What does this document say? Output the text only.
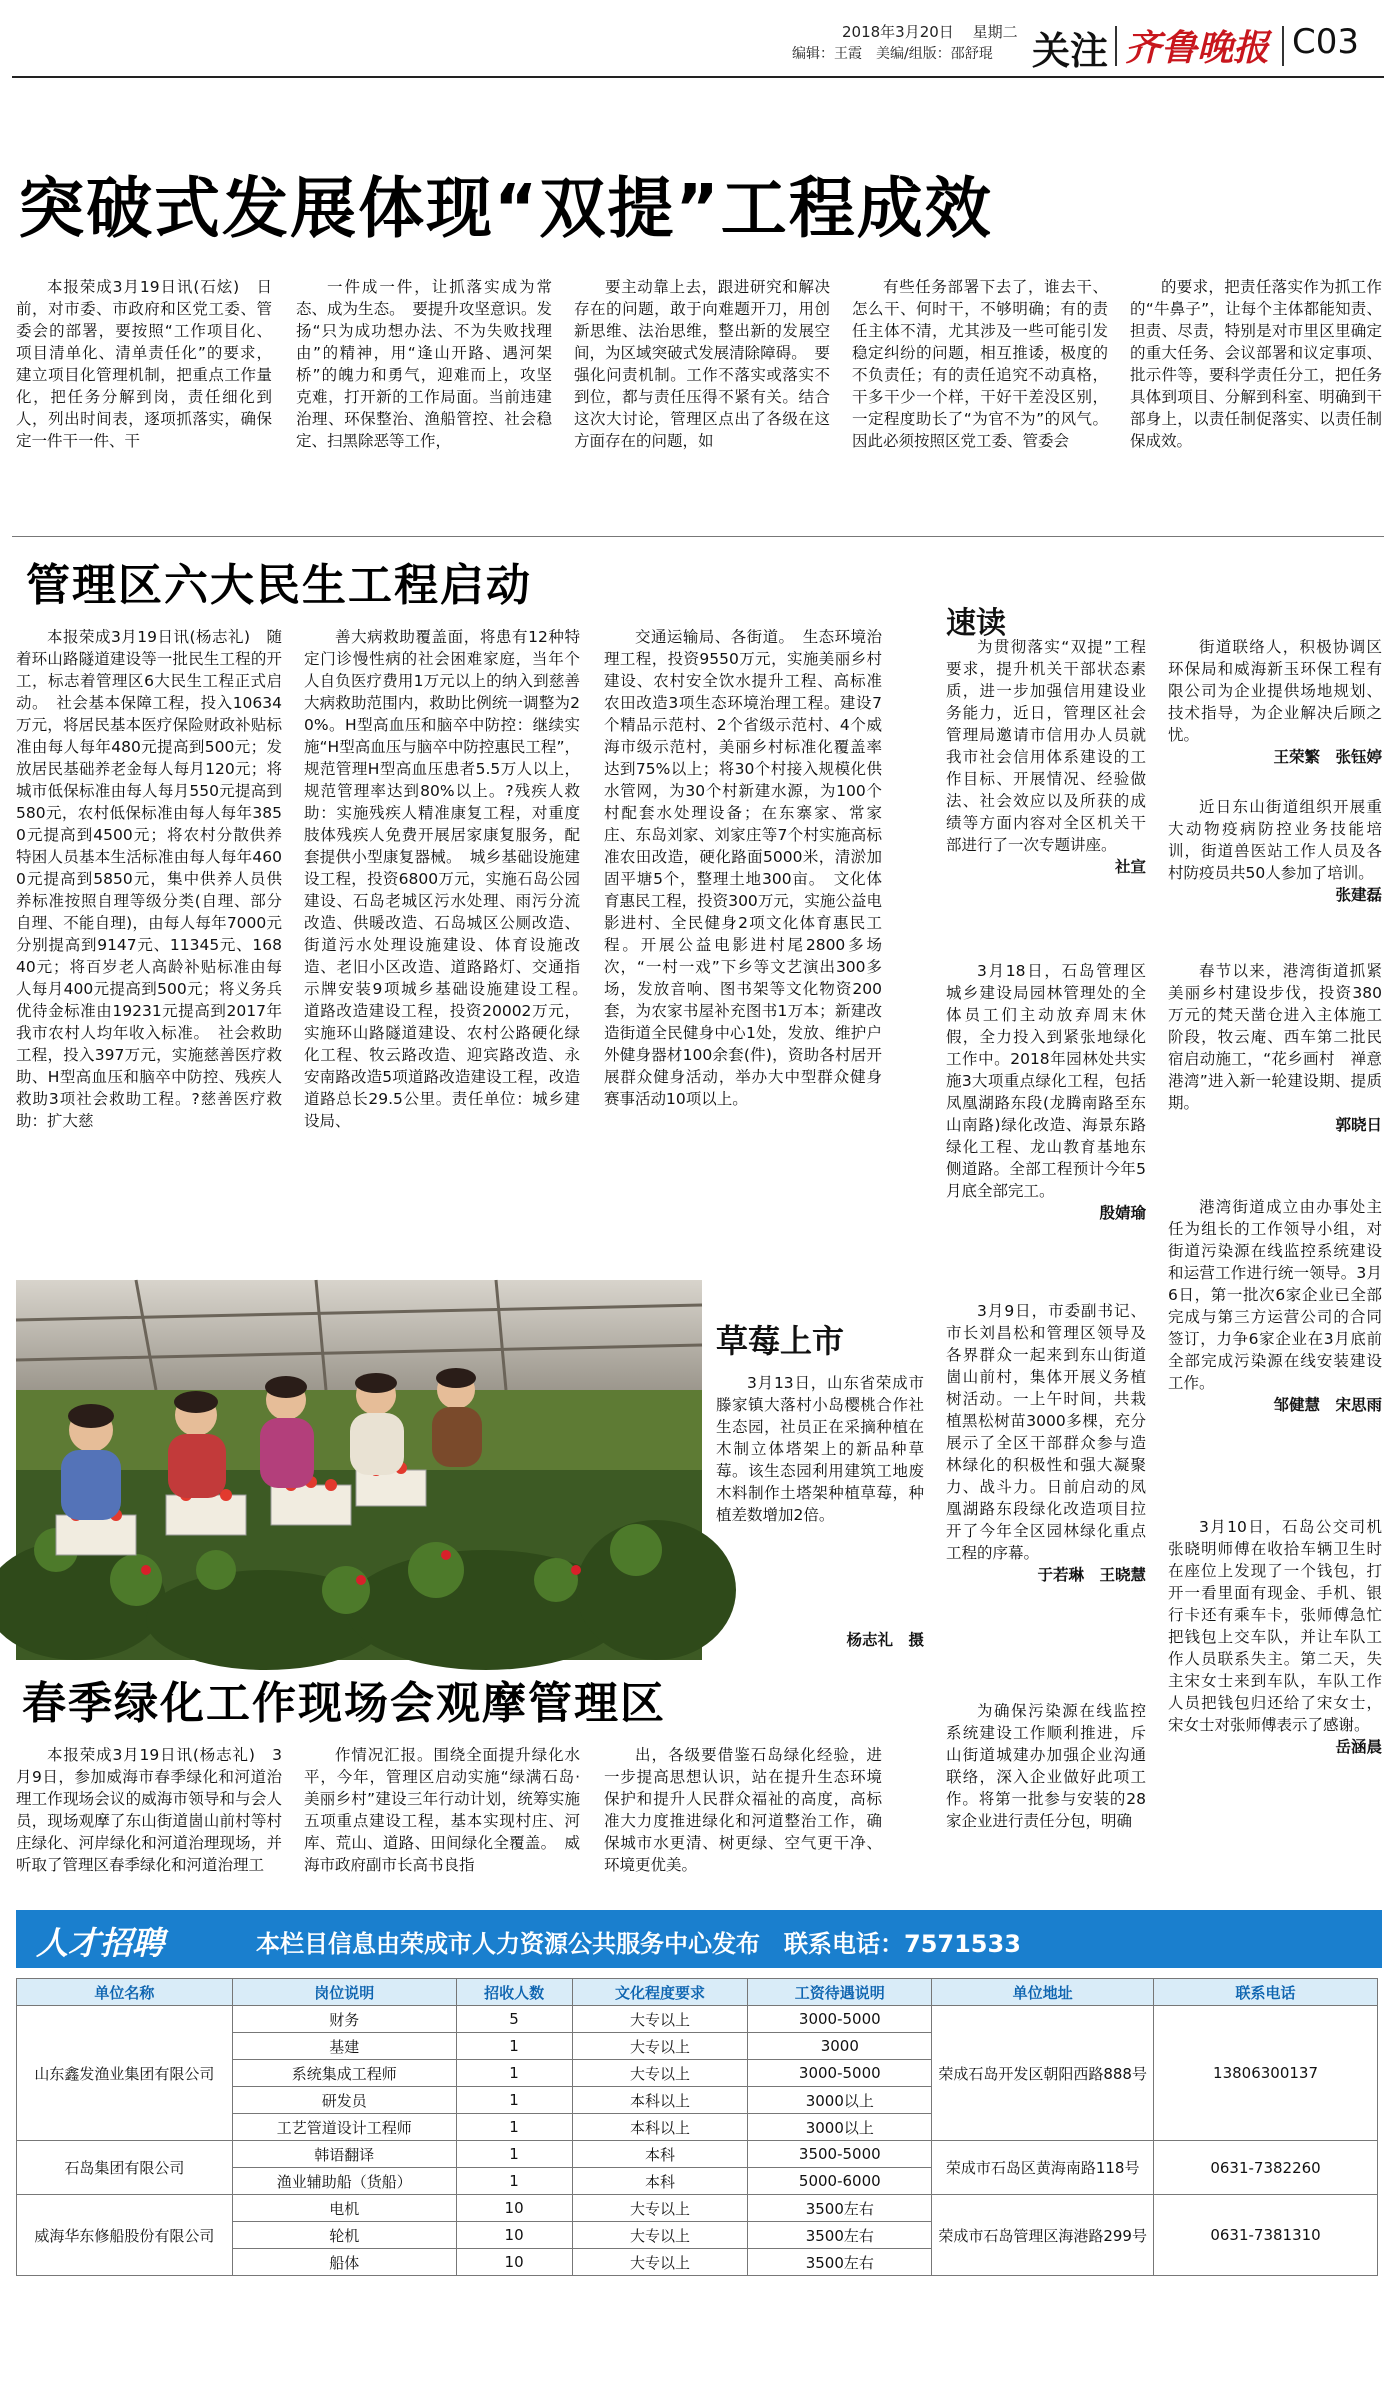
2018年3月20日 星期二
编辑：王霞　美编/组版：邵舒琨 关注 齐鲁晚报 C03
突破式发展体现“双提”工程成效

本报荣成3月19日讯(石炫)　日前，对市委、市政府和区党工委、管委会的部署，要按照“工作项目化、项目清单化、清单责任化”的要求，建立项目化管理机制，把重点工作量化，把任务分解到岗，责任细化到人，列出时间表，逐项抓落实，确保定一件干一件、干

一件成一件，让抓落实成为常态、成为生态。　要提升攻坚意识。发扬“只为成功想办法、不为失败找理由”的精神，用“逢山开路、遇河架桥”的魄力和勇气，迎难而上，攻坚克难，打开新的工作局面。当前违建治理、环保整治、渔船管控、社会稳定、扫黑除恶等工作，

要主动靠上去，跟进研究和解决存在的问题，敢于向难题开刀，用创新思维、法治思维，整出新的发展空间，为区域突破式发展清除障碍。　要强化问责机制。工作不落实或落实不到位，都与责任压得不紧有关。结合这次大讨论，管理区点出了各级在这方面存在的问题，如

有些任务部署下去了，谁去干、怎么干、何时干，不够明确；有的责任主体不清，尤其涉及一些可能引发稳定纠纷的问题，相互推诿，极度的不负责任；有的责任追究不动真格，干多干少一个样，干好干差没区别，一定程度助长了“为官不为”的风气。因此必须按照区党工委、管委会

的要求，把责任落实作为抓工作的“牛鼻子”，让每个主体都能知责、担责、尽责，特别是对市里区里确定的重大任务、会议部署和议定事项、批示件等，要科学责任分工，把任务具体到项目、分解到科室、明确到干部身上，以责任制促落实、以责任制保成效。

管理区六大民生工程启动

本报荣成3月19日讯(杨志礼)　随着环山路隧道建设等一批民生工程的开工，标志着管理区6大民生工程正式启动。　社会基本保障工程，投入10634万元，将居民基本医疗保险财政补贴标准由每人每年480元提高到500元；发放居民基础养老金每人每月120元；将城市低保标准由每人每月550元提高到580元，农村低保标准由每人每年3850元提高到4500元；将农村分散供养特困人员基本生活标准由每人每年4600元提高到5850元，集中供养人员供养标准按照自理等级分类(自理、部分自理、不能自理)，由每人每年7000元分别提高到9147元、11345元、16840元；将百岁老人高龄补贴标准由每人每月400元提高到500元；将义务兵优待金标准由19231元提高到2017年我市农村人均年收入标准。　社会救助工程，投入397万元，实施慈善医疗救助、H型高血压和脑卒中防控、残疾人救助3项社会救助工程。?慈善医疗救助：扩大慈

善大病救助覆盖面，将患有12种特定门诊慢性病的社会困难家庭，当年个人自负医疗费用1万元以上的纳入到慈善大病救助范围内，救助比例统一调整为20%。H型高血压和脑卒中防控：继续实施“H型高血压与脑卒中防控惠民工程”，规范管理H型高血压患者5.5万人以上，规范管理率达到80%以上。?残疾人救助：实施残疾人精准康复工程，对重度肢体残疾人免费开展居家康复服务，配套提供小型康复器械。　城乡基础设施建设工程，投资6800万元，实施石岛公园建设、石岛老城区污水处理、雨污分流改造、供暖改造、石岛城区公厕改造、街道污水处理设施建设、体育设施改造、老旧小区改造、道路路灯、交通指示牌安装9项城乡基础设施建设工程。　道路改造建设工程，投资20002万元，实施环山路隧道建设、农村公路硬化绿化工程、牧云路改造、迎宾路改造、永安南路改造5项道路改造建设工程，改造道路总长29.5公里。责任单位：城乡建设局、

交通运输局、各街道。　生态环境治理工程，投资9550万元，实施美丽乡村建设、农村安全饮水提升工程、高标准农田改造3项生态环境治理工程。建设7个精品示范村、2个省级示范村、4个威海市级示范村，美丽乡村标准化覆盖率达到75%以上；将30个村接入规模化供水管网，为30个村新建水源，为100个村配套水处理设备；在东寨家、常家庄、东岛刘家、刘家庄等7个村实施高标准农田改造，硬化路面5000米，清淤加固平塘5个，整理土地300亩。　文化体育惠民工程，投资300万元，实施公益电影进村、全民健身2项文化体育惠民工程。开展公益电影进村尾2800多场次，“一村一戏”下乡等文艺演出300多场，发放音响、图书架等文化物资200套，为农家书屋补充图书1万本；新建改造街道全民健身中心1处，发放、维护户外健身器材100余套(件)，资助各村居开展群众健身活动，举办大中型群众健身赛事活动10项以上。

速读

为贯彻落实“双提”工程要求，提升机关干部状态素质，进一步加强信用建设业务能力，近日，管理区社会管理局邀请市信用办人员就我市社会信用体系建设的工作目标、开展情况、经验做法、社会效应以及所获的成绩等方面内容对全区机关干部进行了一次专题讲座。

社宣

3月18日，石岛管理区城乡建设局园林管理处的全体员工们主动放弃周末休假，全力投入到紧张地绿化工作中。2018年园林处共实施3大项重点绿化工程，包括凤凰湖路东段(龙腾南路至东山南路)绿化改造、海景东路绿化工程、龙山教育基地东侧道路。全部工程预计今年5月底全部完工。

殷婧瑜

3月9日，市委副书记、市长刘昌松和管理区领导及各界群众一起来到东山街道崮山前村，集体开展义务植树活动。一上午时间，共栽植黑松树苗3000多棵，充分展示了全区干部群众参与造林绿化的积极性和强大凝聚力、战斗力。日前启动的凤凰湖路东段绿化改造项目拉开了今年全区园林绿化重点工程的序幕。

于若琳　王晓慧

为确保污染源在线监控系统建设工作顺利推进，斥山街道城建办加强企业沟通联络，深入企业做好此项工作。将第一批参与安装的28家企业进行责任分包，明确

街道联络人，积极协调区环保局和威海新玉环保工程有限公司为企业提供场地规划、技术指导，为企业解决后顾之忧。

王荣繁　张钰婷

近日东山街道组织开展重大动物疫病防控业务技能培训，街道兽医站工作人员及各村防疫员共50人参加了培训。

张建磊

春节以来，港湾街道抓紧美丽乡村建设步伐，投资380万元的梵天凿仓进入主体施工阶段，牧云庵、西车第二批民宿启动施工，“花乡画村　禅意港湾”进入新一轮建设期、提质期。

郭晓日

港湾街道成立由办事处主任为组长的工作领导小组，对街道污染源在线监控系统建设和运营工作进行统一领导。3月6日，第一批次6家企业已全部完成与第三方运营公司的合同签订，力争6家企业在3月底前全部完成污染源在线安装建设工作。

邹健慧　宋思雨

3月10日，石岛公交司机张晓明师傅在收拾车辆卫生时在座位上发现了一个钱包，打开一看里面有现金、手机、银行卡还有乘车卡，张师傅急忙把钱包上交车队，并让车队工作人员联系失主。第二天，失主宋女士来到车队，车队工作人员把钱包归还给了宋女士，宋女士对张师傅表示了感谢。

岳涵晨
草莓上市

3月13日，山东省荣成市滕家镇大落村小岛樱桃合作社生态园，社员正在采摘种植在木制立体塔架上的新品种草莓。该生态园利用建筑工地废木料制作土塔架种植草莓，种植差数增加2倍。

杨志礼　摄
春季绿化工作现场会观摩管理区

本报荣成3月19日讯(杨志礼)　3月9日，参加威海市春季绿化和河道治理工作现场会议的威海市领导和与会人员，现场观摩了东山街道崮山前村等村庄绿化、河岸绿化和河道治理现场，并听取了管理区春季绿化和河道治理工

作情况汇报。围绕全面提升绿化水平，今年，管理区启动实施“绿满石岛·美丽乡村”建设三年行动计划，统筹实施五项重点建设工程，基本实现村庄、河库、荒山、道路、田间绿化全覆盖。　威海市政府副市长高书良指

出，各级要借鉴石岛绿化经验，进一步提高思想认识，站在提升生态环境保护和提升人民群众福祉的高度，高标准大力度推进绿化和河道整治工作，确保城市水更清、树更绿、空气更干净、环境更优美。

人才招聘	本栏目信息由荣成市人力资源公共服务中心发布　联系电话：7571533
单位名称	岗位说明	招收人数	文化程度要求	工资待遇说明	单位地址	联系电话
山东鑫发渔业集团有限公司	财务	5	大专以上	3000-5000	荣成石岛开发区朝阳西路888号	13806300137
	基建	1	大专以上	3000		
	系统集成工程师	1	大专以上	3000-5000		
	研发员	1	本科以上	3000以上		
	工艺管道设计工程师	1	本科以上	3000以上		
石岛集团有限公司	韩语翻译	1	本科	3500-5000	荣成市石岛区黄海南路118号	0631-7382260
	渔业辅助船（货船）	1	本科	5000-6000		
威海华东修船股份有限公司	电机	10	大专以上	3500左右	荣成市石岛管理区海港路299号	0631-7381310
	轮机	10	大专以上	3500左右		
	船体	10	大专以上	3500左右		
